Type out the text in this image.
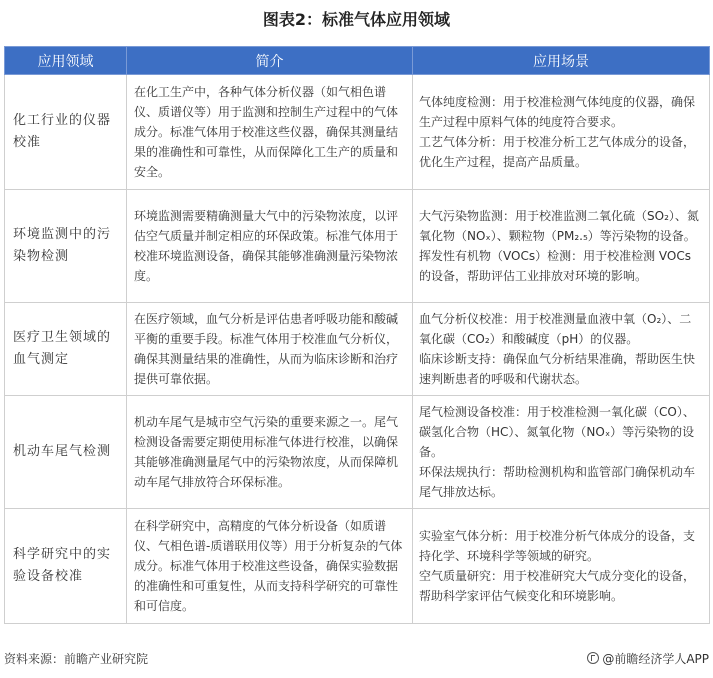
图表2：标准气体应用领域
应用领域	简介	应用场景
化工行业的仪器校准	在化工生产中，各种气体分析仪器（如气相色谱仪、质谱仪等）用于监测和控制生产过程中的气体成分。标准气体用于校准这些仪器，确保其测量结果的准确性和可靠性，从而保障化工生产的质量和安全。	气体纯度检测：用于校准检测气体纯度的仪器，确保生产过程中原料气体的纯度符合要求。

工艺气体分析：用于校准分析工艺气体成分的设备，优化生产过程，提高产品质量。

环境监测中的污染物检测	环境监测需要精确测量大气中的污染物浓度，以评估空气质量并制定相应的环保政策。标准气体用于校准环境监测设备，确保其能够准确测量污染物浓度。	大气污染物监测：用于校准监测二氧化硫（SO₂）、氮氧化物（NOₓ）、颗粒物（PM₂.₅）等污染物的设备。

挥发性有机物（VOCs）检测：用于校准检测 VOCs 的设备，帮助评估工业排放对环境的影响。

医疗卫生领域的血气测定	在医疗领域，血气分析是评估患者呼吸功能和酸碱平衡的重要手段。标准气体用于校准血气分析仪，确保其测量结果的准确性，从而为临床诊断和治疗提供可靠依据。	血气分析仪校准：用于校准测量血液中氧（O₂）、二氧化碳（CO₂）和酸碱度（pH）的仪器。

临床诊断支持：确保血气分析结果准确，帮助医生快速判断患者的呼吸和代谢状态。

机动车尾气检测	机动车尾气是城市空气污染的重要来源之一。尾气检测设备需要定期使用标准气体进行校准，以确保其能够准确测量尾气中的污染物浓度，从而保障机动车尾气排放符合环保标准。	尾气检测设备校准：用于校准检测一氧化碳（CO）、碳氢化合物（HC）、氮氧化物（NOₓ）等污染物的设备。

环保法规执行：帮助检测机构和监管部门确保机动车尾气排放达标。

科学研究中的实验设备校准	在科学研究中，高精度的气体分析设备（如质谱仪、气相色谱-质谱联用仪等）用于分析复杂的气体成分。标准气体用于校准这些设备，确保实验数据的准确性和可重复性，从而支持科学研究的可靠性和可信度。	实验室气体分析：用于校准分析气体成分的设备，支持化学、环境科学等领域的研究。

空气质量研究：用于校准研究大气成分变化的设备，帮助科学家评估气候变化和环境影响。

资料来源：前瞻产业研究院	@前瞻经济学人APP
